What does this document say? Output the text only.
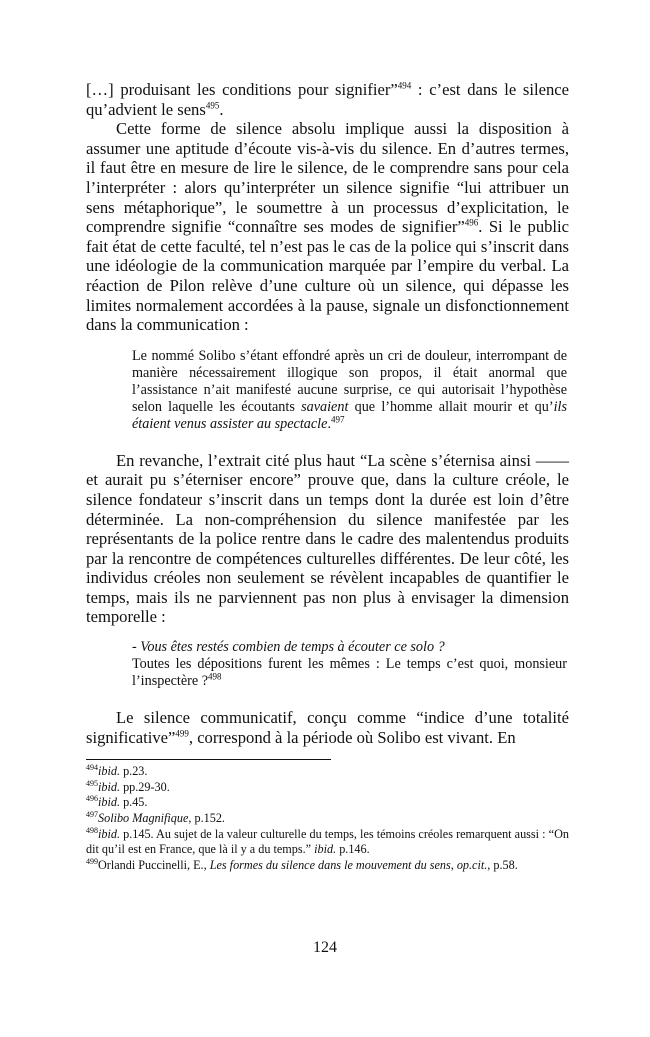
[…] produisant les conditions pour signifier”$^{494}$ : c’est dans le silence qu’advient le sens$^{495}$.

Cette forme de silence absolu implique aussi la disposition à assumer une aptitude d’écoute vis-à-vis du silence. En d’autres termes, il faut être en mesure de lire le silence, de le comprendre sans pour cela l’interpréter : alors qu’interpréter un silence signifie “lui attribuer un sens métaphorique”, le soumettre à un processus d’explicitation, le comprendre signifie “connaître ses modes de signifier”$^{496}$. Si le public fait état de cette faculté, tel n’est pas le cas de la police qui s’inscrit dans une idéologie de la communication marquée par l’empire du verbal. La réaction de Pilon relève d’une culture où un silence, qui dépasse les limites normalement accordées à la pause, signale un disfonctionnement dans la communication :

Le nommé Solibo s’étant effondré après un cri de douleur, interrompant de manière nécessairement illogique son propos, il était anormal que l’assistance n’ait manifesté aucune surprise, ce qui autorisait l’hypothèse selon laquelle les écoutants savaient que l’homme allait mourir et qu’ils étaient venus assister au spectacle.$^{497}$

En revanche, l’extrait cité plus haut “La scène s’éternisa ainsi —— et aurait pu s’éterniser encore” prouve que, dans la culture créole, le silence fondateur s’inscrit dans un temps dont la durée est loin d’être déterminée. La non-compréhension du silence manifestée par les représentants de la police rentre dans le cadre des malentendus produits par la rencontre de compétences culturelles différentes. De leur côté, les individus créoles non seulement se révèlent incapables de quantifier le temps, mais ils ne parviennent pas non plus à envisager la dimension temporelle :

- Vous êtes restés combien de temps à écouter ce solo ?
Toutes les dépositions furent les mêmes : Le temps c’est quoi, monsieur l’inspectère ?$^{498}$

Le silence communicatif, conçu comme “indice d’une totalité significative”$^{499}$, correspond à la période où Solibo est vivant. En

$^{494}$ibid. p.23.

$^{495}$ibid. pp.29-30.

$^{496}$ibid. p.45.

$^{497}$Solibo Magnifique, p.152.

$^{498}$ibid. p.145. Au sujet de la valeur culturelle du temps, les témoins créoles remarquent aussi : “On dit qu’il est en France, que là il y a du temps.” ibid. p.146.

$^{499}$Orlandi Puccinelli, E., Les formes du silence dans le mouvement du sens, op.cit., p.58.

124
